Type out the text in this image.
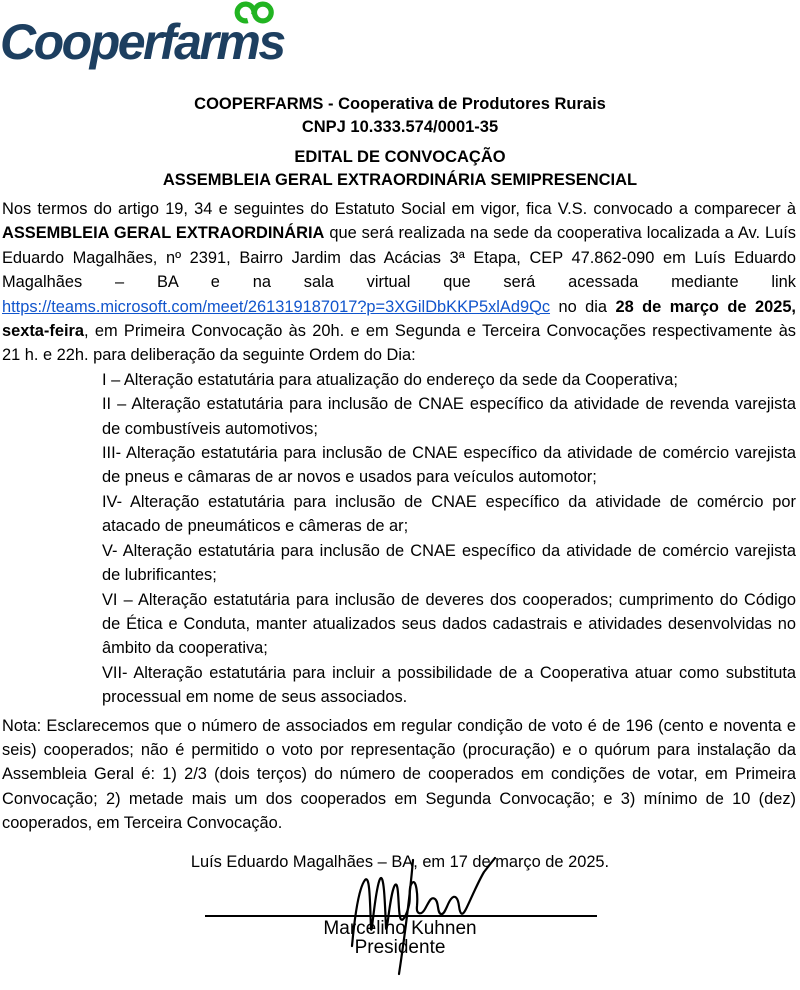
Cooperfarms
COOPERFARMS - Cooperativa de Produtores Rurais
CNPJ 10.333.574/0001-35
EDITAL DE CONVOCAÇÃO
ASSEMBLEIA GERAL EXTRAORDINÁRIA SEMIPRESENCIAL

Nos termos do artigo 19, 34 e seguintes do Estatuto Social em vigor, fica V.S. convocado a comparecer à ASSEMBLEIA GERAL EXTRAORDINÁRIA que será realizada na sede da cooperativa localizada a Av. Luís Eduardo Magalhães, nº 2391, Bairro Jardim das Acácias 3ª Etapa, CEP 47.862-090 em Luís Eduardo Magalhães – BA e na sala virtual que será acessada mediante link https://teams.microsoft.com/meet/261319187017?p=3XGilDbKKP5xlAd9Qc no dia 28 de março de 2025, sexta-feira, em Primeira Convocação às 20h. e em Segunda e Terceira Convocações respectivamente às 21 h. e 22h. para deliberação da seguinte Ordem do Dia:

I – Alteração estatutária para atualização do endereço da sede da Cooperativa;

II – Alteração estatutária para inclusão de CNAE específico da atividade de revenda varejista de combustíveis automotivos;

III- Alteração estatutária para inclusão de CNAE específico da atividade de comércio varejista de pneus e câmaras de ar novos e usados para veículos automotor;

IV- Alteração estatutária para inclusão de CNAE específico da atividade de comércio por atacado de pneumáticos e câmeras de ar;

V- Alteração estatutária para inclusão de CNAE específico da atividade de comércio varejista de lubrificantes;

VI – Alteração estatutária para inclusão de deveres dos cooperados; cumprimento do Código de Ética e Conduta, manter atualizados seus dados cadastrais e atividades desenvolvidas no âmbito da cooperativa;

VII- Alteração estatutária para incluir a possibilidade de a Cooperativa atuar como substituta processual em nome de seus associados.

Nota: Esclarecemos que o número de associados em regular condição de voto é de 196 (cento e noventa e seis) cooperados; não é permitido o voto por representação (procuração) e o quórum para instalação da Assembleia Geral é: 1) 2/3 (dois terços) do número de cooperados em condições de votar, em Primeira Convocação; 2) metade mais um dos cooperados em Segunda Convocação; e 3) mínimo de 10 (dez) cooperados, em Terceira Convocação.

Luís Eduardo Magalhães – BA, em 17 de março de 2025.

Marcelino Kuhnen
Presidente
